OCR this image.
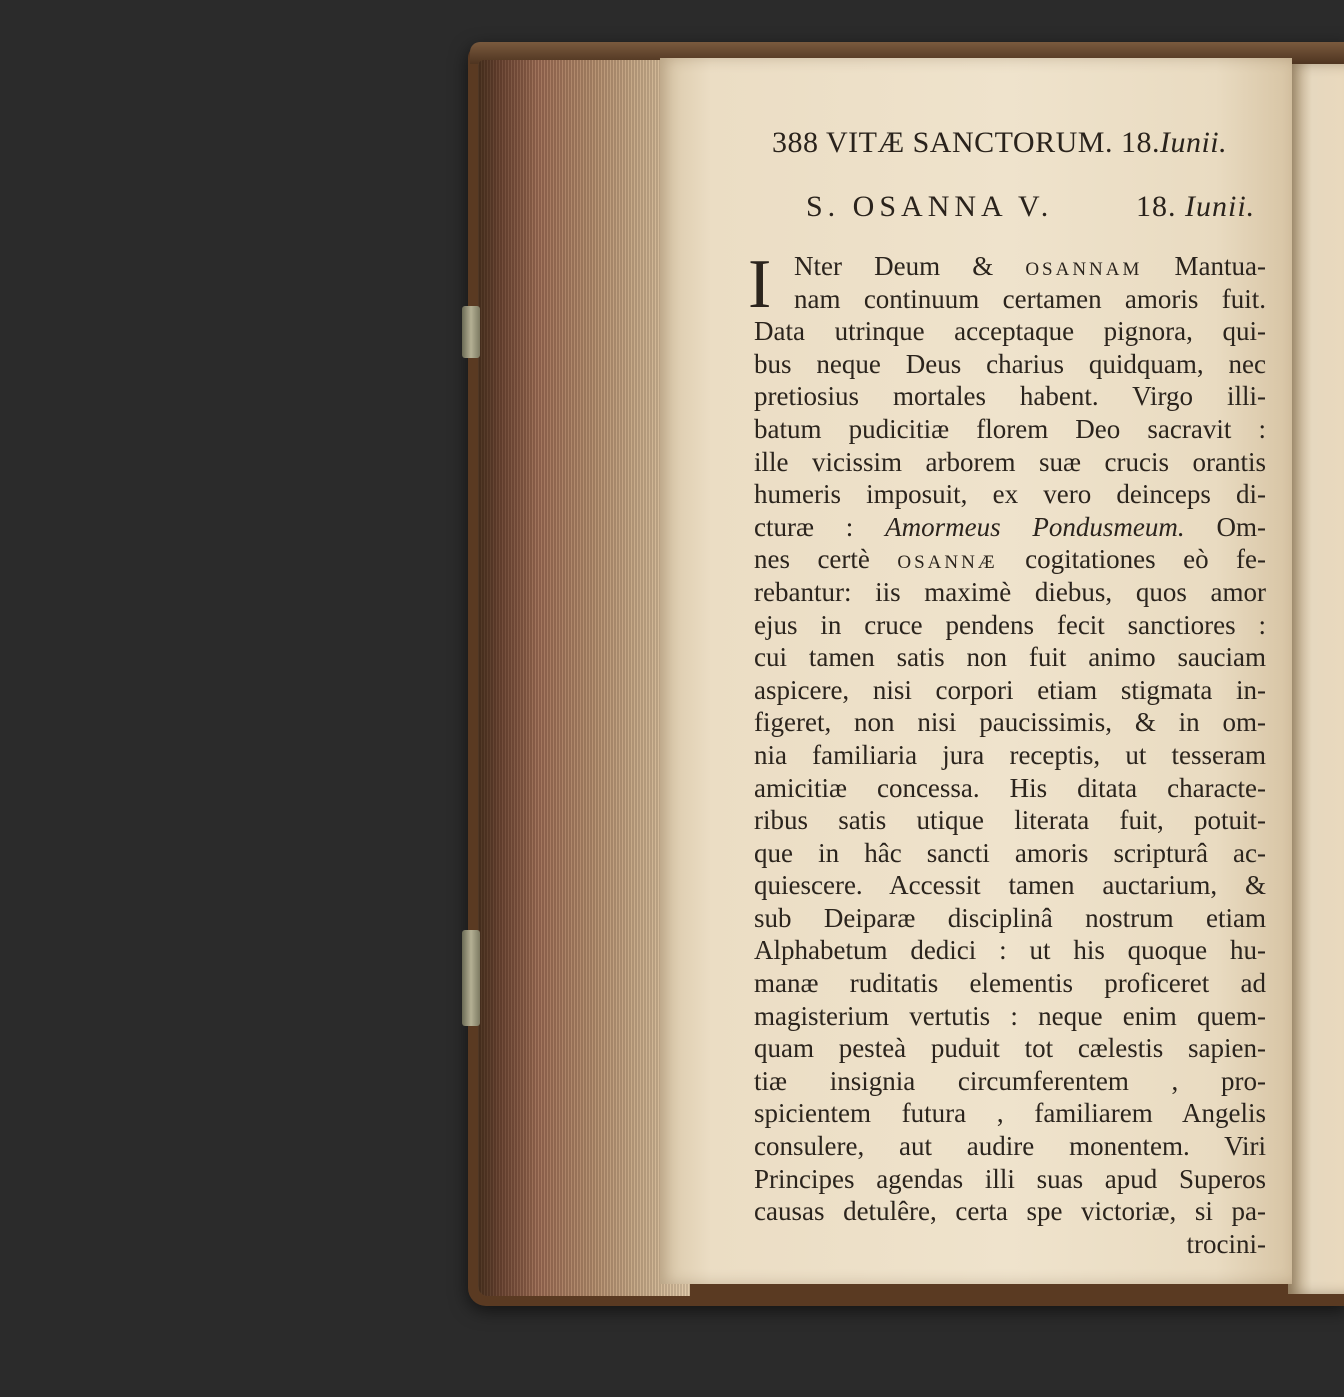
388 VITÆ SANCTORUM. 18.Iunii.
S. OSANNA V.	18. Iunii.
I Nter Deum & OSANNAM Mantua-
nam continuum certamen amoris fuit.
Data utrinque acceptaque pignora, qui-
bus neque Deus charius quidquam, nec
pretiosius mortales habent. Virgo illi-
batum pudicitiæ florem Deo sacravit :
ille vicissim arborem suæ crucis orantis
humeris imposuit, ex vero deinceps di-
cturæ : Amormeus Pondusmeum. Om-
nes certè OSANNÆ cogitationes eò fe-
rebantur: iis maximè diebus, quos amor
ejus in cruce pendens fecit sanctiores :
cui tamen satis non fuit animo sauciam
aspicere, nisi corpori etiam stigmata in-
figeret, non nisi paucissimis, & in om-
nia familiaria jura receptis, ut tesseram
amicitiæ concessa. His ditata characte-
ribus satis utique literata fuit, potuit-
que in hâc sancti amoris scripturâ ac-
quiescere. Accessit tamen auctarium, &
sub Deiparæ disciplinâ nostrum etiam
Alphabetum dedici : ut his quoque hu-
manæ ruditatis elementis proficeret ad
magisterium vertutis : neque enim quem-
quam pesteà puduit tot cælestis sapien-
tiæ insignia circumferentem , pro-
spicientem futura , familiarem Angelis
consulere, aut audire monentem. Viri
Principes agendas illi suas apud Superos
causas detulêre, certa spe victoriæ, si pa-
trocini-
